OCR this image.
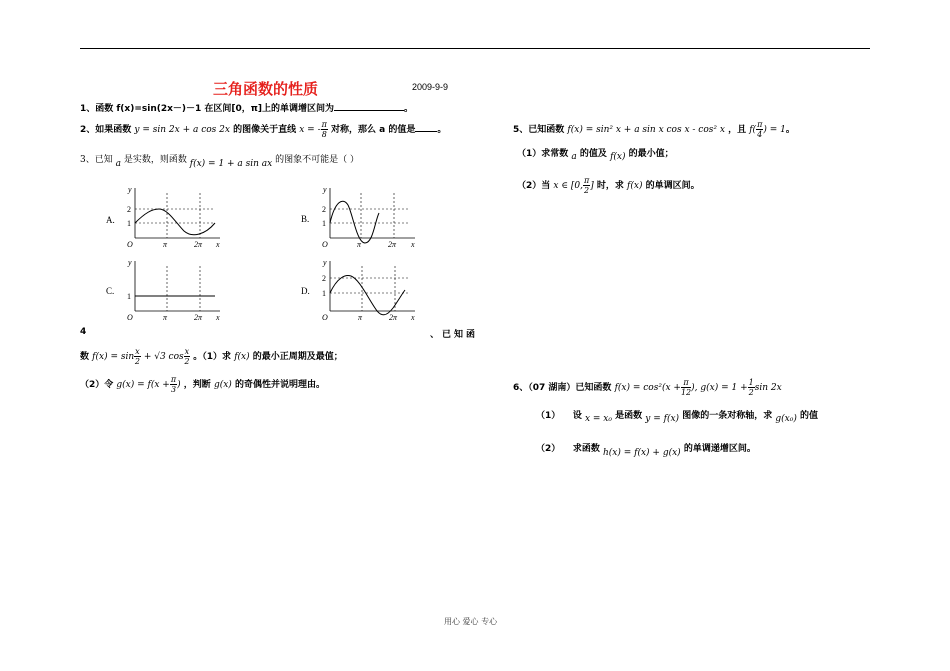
三角函数的性质	2009-9-9
1、函数 f(x)=sin(2x－)－1 在区间[0，π]上的单调增区间为	。
2、如果函数 y = sin 2x + a cos 2x 的图像关于直线 x = - $\frac{\pi}{8}$ 对称，那么 a 的值是 。
3、已知 a 是实数，则函数 f(x) = 1 + a sin ax 的图象不可能是（ ）
A.	B.
C.	D.
y
2
1
O	π	2π x
y
2
1
O	π	2π x
y
1
O	π	2π x
y
2
1
O	π	2π x
4	、已知函
数 $f(x) = \sin \frac{x}{2} + √3$ $\cos \frac{x}{2}$ 。（1）求 f(x) 的最小正周期及最值；
（2）令 $g(x) = f(x + \frac{\pi}{3}$ ) ，判断 g(x) 的奇偶性并说明理由。
5、已知函数 f(x) = sin² x + a sin x cos x - cos² x ，且 $f( \frac{\pi}{4}$ ) = 1。
（1）求常数 a 的值及 f(x) 的最小值；
（2）当 x ∈ [0, $\frac{\pi}{2}$ ] 时，求 f(x) 的单调区间。
6、（07 湖南）已知函数 $f(x) = \cos^2(x + \frac{\pi}{12}$ ), $g(x) = 1 + \frac{1}{2}$ sin 2x
（1） 设 x = x₀ 是函数 y = f(x) 图像的一条对称轴，求 g(x₀) 的值
（2） 求函数 h(x) = f(x) + g(x) 的单调递增区间。
用心 爱心 专心
